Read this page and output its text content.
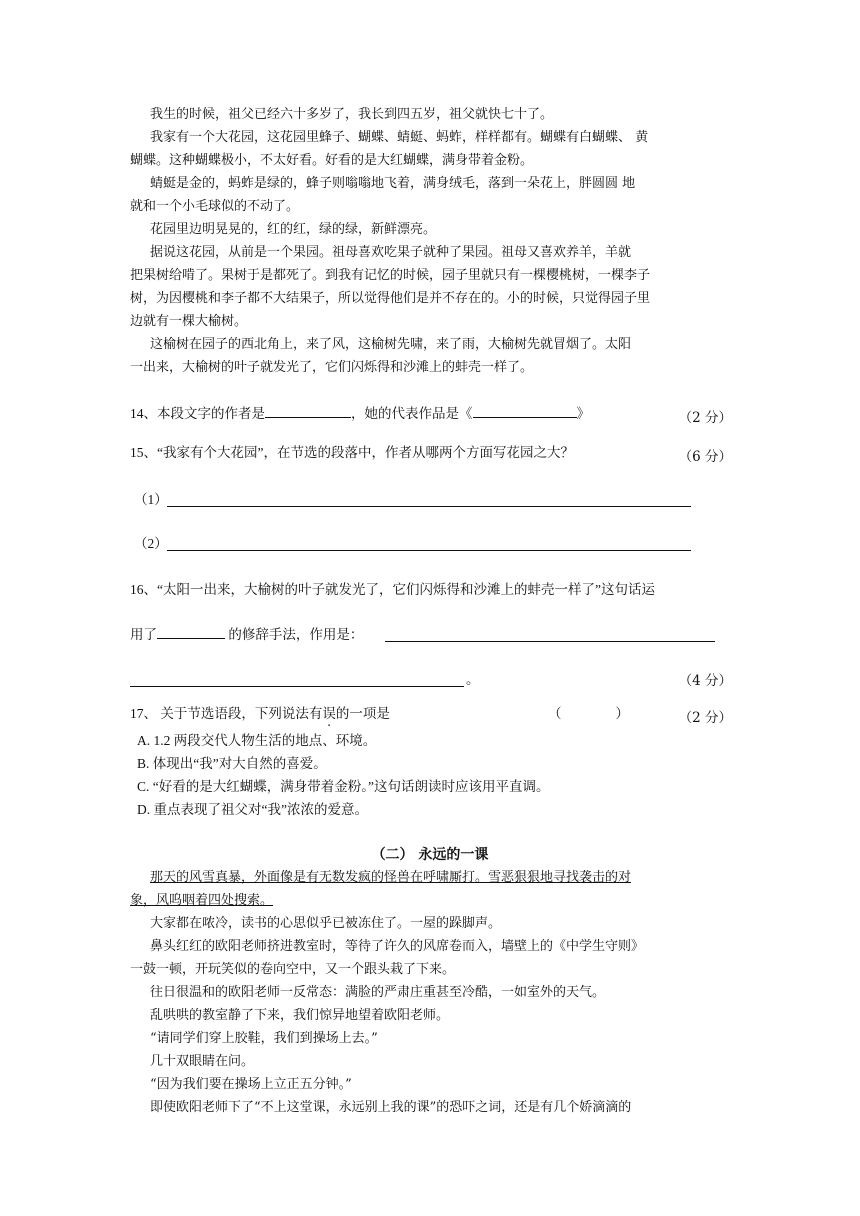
我生的时候，祖父已经六十多岁了，我长到四五岁，祖父就快七十了。
我家有一个大花园，这花园里蜂子、蝴蝶、蜻蜓、蚂蚱，样样都有。蝴蝶有白蝴蝶、 黄
蝴蝶。这种蝴蝶极小，不太好看。好看的是大红蝴蝶，满身带着金粉。
蜻蜓是金的，蚂蚱是绿的，蜂子则嗡嗡地飞着，满身绒毛，落到一朵花上，胖圆圆 地
就和一个小毛球似的不动了。
花园里边明晃晃的，红的红，绿的绿，新鲜漂亮。
据说这花园，从前是一个果园。祖母喜欢吃果子就种了果园。祖母又喜欢养羊，羊就
把果树给啃了。果树于是都死了。到我有记忆的时候，园子里就只有一棵樱桃树，一棵李子
树，为因樱桃和李子都不大结果子，所以觉得他们是并不存在的。小的时候，只觉得园子里
边就有一棵大榆树。
这榆树在园子的西北角上，来了风，这榆树先啸，来了雨，大榆树先就冒烟了。太阳
一出来，大榆树的叶子就发光了，它们闪烁得和沙滩上的蚌壳一样了。
14、本段文字的作者是	，她的代表作品是《	》	（2 分）
15、“我家有个大花园”，在节选的段落中，作者从哪两个方面写花园之大？	（6 分）
（1）
（2）
16、“太阳一出来，大榆树的叶子就发光了，它们闪烁得和沙滩上的蚌壳一样了”这句话运
用了	的修辞手法，作用是：
。	（4 分）
17、 关于节选语段，下列说法有误的一项是	（　　　　）	（2 分）
A. 1.2 两段交代人物生活的地点、环境。
B. 体现出“我”对大自然的喜爱。
C. “好看的是大红蝴蝶，满身带着金粉。”这句话朗读时应该用平直调。
D. 重点表现了祖父对“我”浓浓的爱意。
（二） 永远的一课
那天的风雪真暴，外面像是有无数发疯的怪兽在呼啸厮打。雪恶狠狠地寻找袭击的对
象，风呜咽着四处搜索。
大家都在哝冷，读书的心思似乎已被冻住了。一屋的跺脚声。
鼻头红红的欧阳老师挤进教室时，等待了许久的风席卷而入，墙壁上的《中学生守则》
一鼓一顿，开玩笑似的卷向空中，又一个跟头栽了下来。
往日很温和的欧阳老师一反常态：满脸的严肃庄重甚至冷酷，一如室外的天气。
乱哄哄的教室静了下来，我们惊异地望着欧阳老师。
“请同学们穿上胶鞋，我们到操场上去。”
几十双眼睛在问。
“因为我们要在操场上立正五分钟。”
即使欧阳老师下了“不上这堂课，永远别上我的课”的恐吓之词，还是有几个娇滴滴的
